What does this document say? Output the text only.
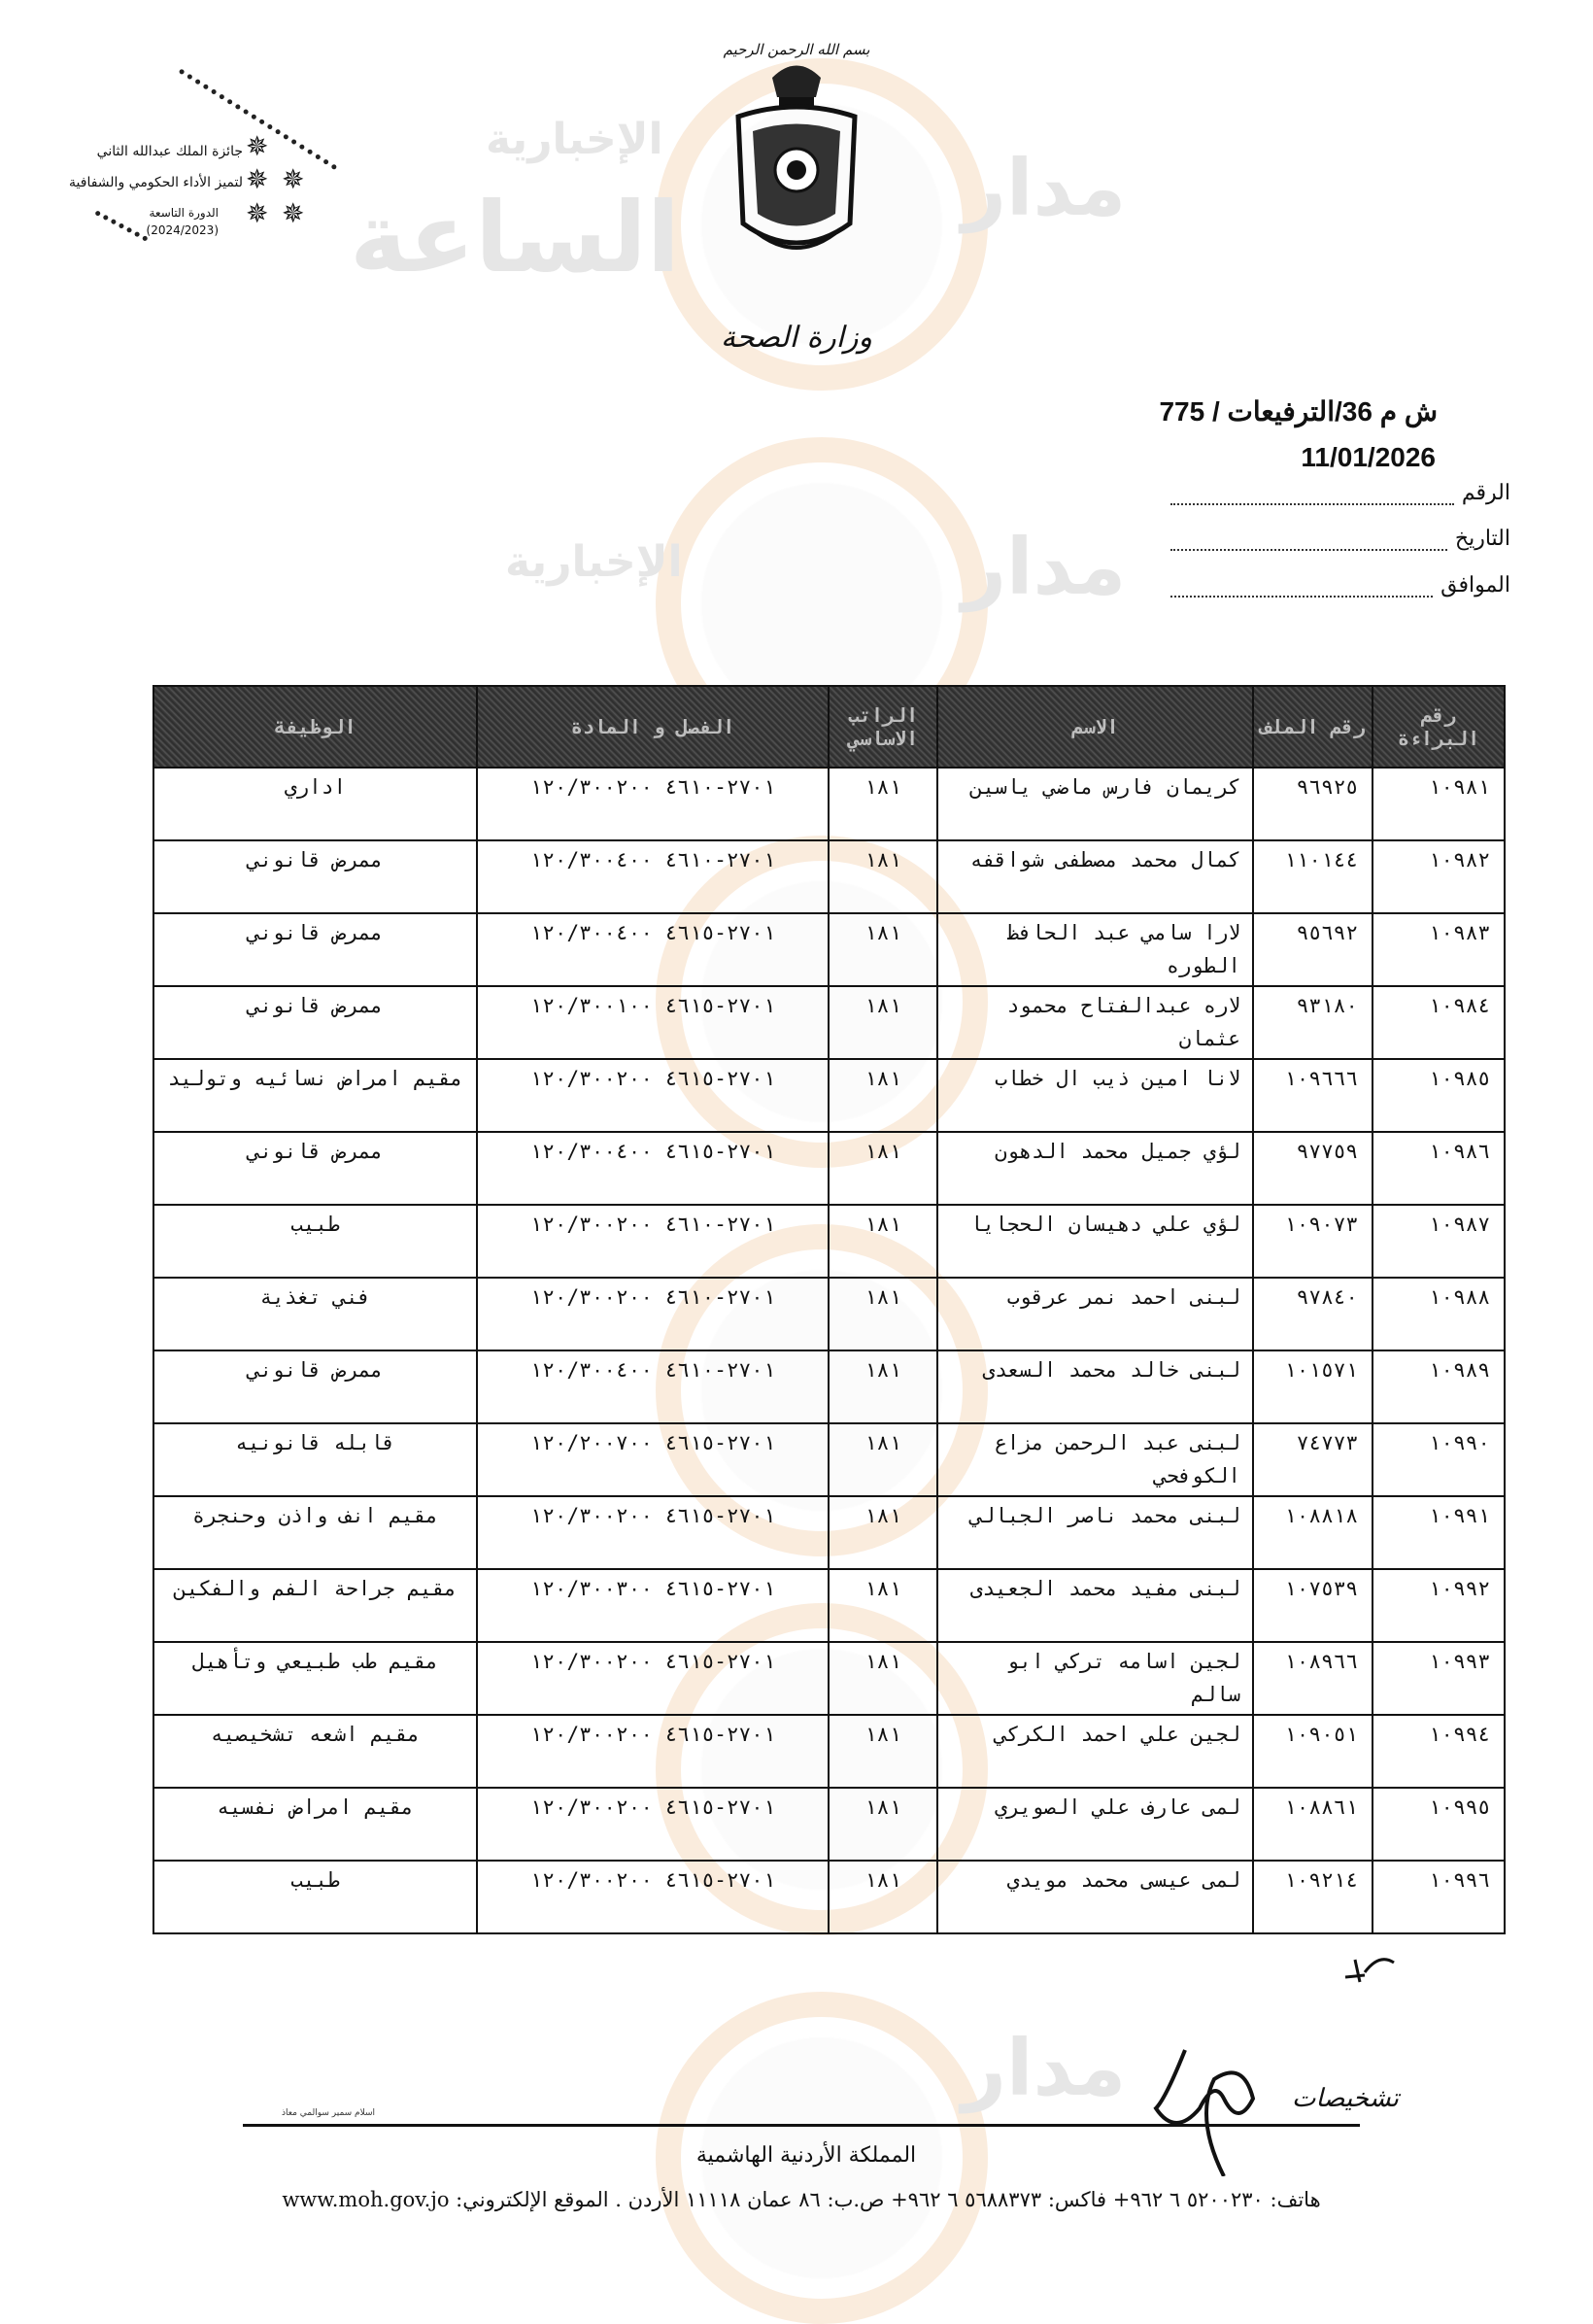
مدار
الإخبارية
الساعة
مدار
الإخبارية
مدار
جائزة الملك عبدالله الثاني
لتميز الأداء الحكومي والشفافية
الدورة التاسعة
(2024/2023)
✵
✵ ✵
✵ ✵
بسم الله الرحمن الرحيم
وزارة الصحة
ش م 36/الترفيعات / 775
11/01/2026
الرقم
التاريخ
الموافق
رقم البراءة	رقم الملف	الاسم	الراتب الاساسي	الفصل و المادة	الوظيفة
١٠٩٨١	٩٦٩٢٥	كريمان فارس ماضي ياسين	١٨١	٢٧٠١-٤٦١٠ ١٢٠/٣٠٠٢٠٠	اداري
١٠٩٨٢	١١٠١٤٤	كمال محمد مصطفى شواقفه	١٨١	٢٧٠١-٤٦١٠ ١٢٠/٣٠٠٤٠٠	ممرض قانوني
١٠٩٨٣	٩٥٦٩٢	لارا سامي عبد الحافظ الطوره	١٨١	٢٧٠١-٤٦١٥ ١٢٠/٣٠٠٤٠٠	ممرض قانوني
١٠٩٨٤	٩٣١٨٠	لاره عبدالفتاح محمود عثمان	١٨١	٢٧٠١-٤٦١٥ ١٢٠/٣٠٠١٠٠	ممرض قانوني
١٠٩٨٥	١٠٩٦٦٦	لانا امين ذيب ال خطاب	١٨١	٢٧٠١-٤٦١٥ ١٢٠/٣٠٠٢٠٠	مقيم امراض نسائيه وتوليد
١٠٩٨٦	٩٧٧٥٩	لؤي جميل محمد الدهون	١٨١	٢٧٠١-٤٦١٥ ١٢٠/٣٠٠٤٠٠	ممرض قانوني
١٠٩٨٧	١٠٩٠٧٣	لؤي علي دهيسان الحجايا	١٨١	٢٧٠١-٤٦١٠ ١٢٠/٣٠٠٢٠٠	طبيب
١٠٩٨٨	٩٧٨٤٠	لبنى احمد نمر عرقوب	١٨١	٢٧٠١-٤٦١٠ ١٢٠/٣٠٠٢٠٠	فني تغذية
١٠٩٨٩	١٠١٥٧١	لبنى خالد محمد السعدى	١٨١	٢٧٠١-٤٦١٠ ١٢٠/٣٠٠٤٠٠	ممرض قانوني
١٠٩٩٠	٧٤٧٧٣	لبنى عبد الرحمن مزاع الكوفحي	١٨١	٢٧٠١-٤٦١٥ ١٢٠/٢٠٠٧٠٠	قابله قانونيه
١٠٩٩١	١٠٨٨١٨	لبنى محمد ناصر الجبالي	١٨١	٢٧٠١-٤٦١٥ ١٢٠/٣٠٠٢٠٠	مقيم انف واذن وحنجرة
١٠٩٩٢	١٠٧٥٣٩	لبنى مفيد محمد الجعيدى	١٨١	٢٧٠١-٤٦١٥ ١٢٠/٣٠٠٣٠٠	مقيم جراحة الفم والفكين
١٠٩٩٣	١٠٨٩٦٦	لجين اسامه تركي ابو سالم	١٨١	٢٧٠١-٤٦١٥ ١٢٠/٣٠٠٢٠٠	مقيم طب طبيعي وتأهيل
١٠٩٩٤	١٠٩٠٥١	لجين علي احمد الكركي	١٨١	٢٧٠١-٤٦١٥ ١٢٠/٣٠٠٢٠٠	مقيم اشعه تشخيصيه
١٠٩٩٥	١٠٨٨٦١	لمى عارف علي الصويري	١٨١	٢٧٠١-٤٦١٥ ١٢٠/٣٠٠٢٠٠	مقيم امراض نفسيه
١٠٩٩٦	١٠٩٢١٤	لمى عيسى محمد مويدي	١٨١	٢٧٠١-٤٦١٥ ١٢٠/٣٠٠٢٠٠	طبيب
تشخيصات
اسلام سمير سوالمي معاذ
المملكة الأردنية الهاشمية
هاتف: ٥٢٠٠٢٣٠ ٦ ٩٦٢+ فاكس: ٥٦٨٨٣٧٣ ٦ ٩٦٢+ ص.ب: ٨٦ عمان ١١١١٨ الأردن . الموقع الإلكتروني: www.moh.gov.jo
